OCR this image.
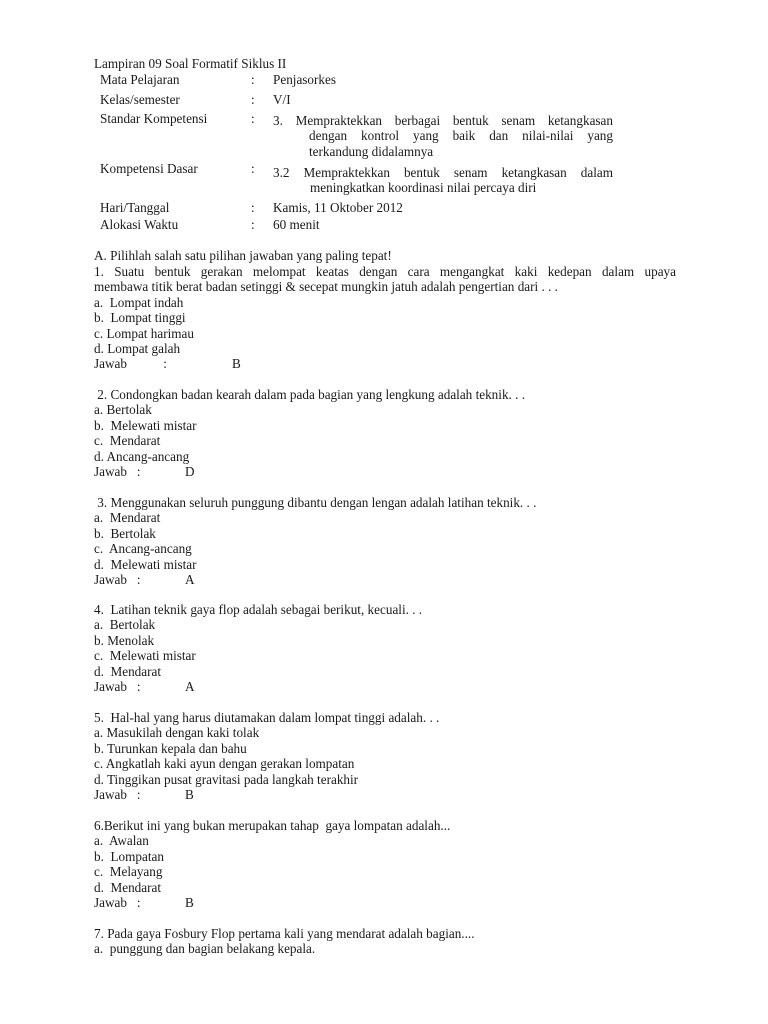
Lampiran 09 Soal Formatif Siklus II
Mata Pelajaran	: Penjasorkes
Kelas/semester	: V/I
Standar Kompetensi	: 3. Mempraktekkan berbagai bentuk senam ketangkasan
dengan kontrol yang baik dan nilai-nilai yang
terkandung didalamnya
Kompetensi Dasar	: 3.2 Mempraktekkan bentuk senam ketangkasan dalam
meningkatkan koordinasi nilai percaya diri
Hari/Tanggal	: Kamis, 11 Oktober 2012
Alokasi Waktu	: 60 menit
A. Pilihlah salah satu pilihan jawaban yang paling tepat!
1. Suatu bentuk gerakan melompat keatas dengan cara mengangkat kaki kedepan dalam upaya
membawa titik berat badan setinggi & secepat mungkin jatuh adalah pengertian dari . . .
a.  Lompat indah
b.  Lompat tinggi
c. Lompat harimau
d. Lompat galah
Jawab           :	B
2. Condongkan badan kearah dalam pada bagian yang lengkung adalah teknik. . .
a. Bertolak
b.  Melewati mistar
c.  Mendarat
d. Ancang-ancang
Jawab   :	D
3. Menggunakan seluruh punggung dibantu dengan lengan adalah latihan teknik. . .
a.  Mendarat
b.  Bertolak
c.  Ancang-ancang
d.  Melewati mistar
Jawab   :	A
4.  Latihan teknik gaya flop adalah sebagai berikut, kecuali. . .
a.  Bertolak
b. Menolak
c.  Melewati mistar
d.  Mendarat
Jawab   :	A
5.  Hal-hal yang harus diutamakan dalam lompat tinggi adalah. . .
a. Masukilah dengan kaki tolak
b. Turunkan kepala dan bahu
c. Angkatlah kaki ayun dengan gerakan lompatan
d. Tinggikan pusat gravitasi pada langkah terakhir
Jawab   :	B
6.Berikut ini yang bukan merupakan tahap  gaya lompatan adalah...
a.  Awalan
b.  Lompatan
c.  Melayang
d.  Mendarat
Jawab   :	B
7. Pada gaya Fosbury Flop pertama kali yang mendarat adalah bagian....
a.  punggung dan bagian belakang kepala.
